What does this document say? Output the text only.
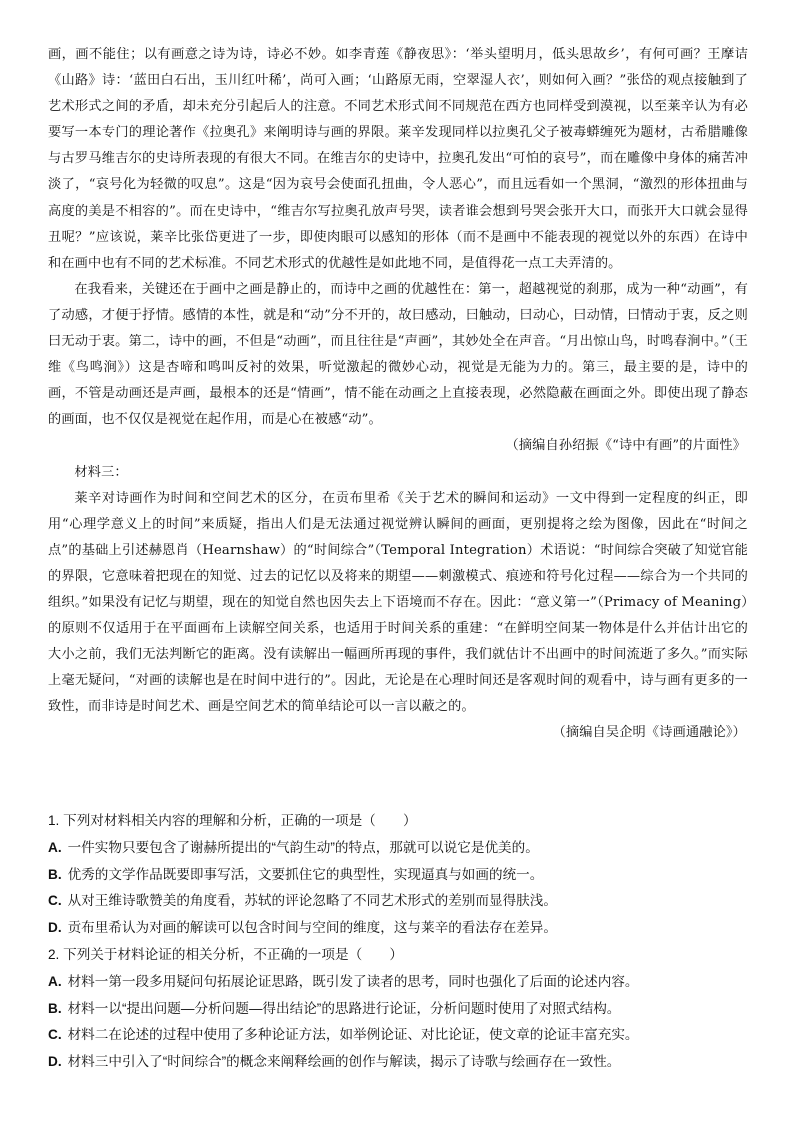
画，画不能住；以有画意之诗为诗，诗必不妙。如李青莲《静夜思》：‘举头望明月，低头思故乡’，有何可画？王摩诘《山路》诗：‘蓝田白石出，玉川红叶稀’，尚可入画；‘山路原无雨，空翠湿人衣’，则如何入画？”张岱的观点接触到了艺术形式之间的矛盾，却未充分引起后人的注意。不同艺术形式间不同规范在西方也同样受到漠视，以至莱辛认为有必要写一本专门的理论著作《拉奥孔》来阐明诗与画的界限。莱辛发现同样以拉奥孔父子被毒蟒缠死为题材，古希腊雕像与古罗马维吉尔的史诗所表现的有很大不同。在维吉尔的史诗中，拉奥孔发出“可怕的哀号”，而在雕像中身体的痛苦冲淡了，“哀号化为轻微的叹息”。这是“因为哀号会使面孔扭曲，令人恶心”，而且远看如一个黑洞，“激烈的形体扭曲与高度的美是不相容的”。而在史诗中，“维吉尔写拉奥孔放声号哭，读者谁会想到号哭会张开大口，而张开大口就会显得丑呢？”应该说，莱辛比张岱更进了一步，即使肉眼可以感知的形体（而不是画中不能表现的视觉以外的东西）在诗中和在画中也有不同的艺术标准。不同艺术形式的优越性是如此地不同，是值得花一点工夫弄清的。

在我看来，关键还在于画中之画是静止的，而诗中之画的优越性在：第一，超越视觉的刹那，成为一种“动画”，有了动感，才便于抒情。感情的本性，就是和“动”分不开的，故曰感动，曰触动，曰动心，曰动情，曰情动于衷，反之则曰无动于衷。第二，诗中的画，不但是“动画”，而且往往是“声画”，其妙处全在声音。“月出惊山鸟，时鸣春涧中。”（王维《鸟鸣涧》）这是杏啼和鸣叫反衬的效果，听觉激起的微妙心动，视觉是无能为力的。第三，最主要的是，诗中的画，不管是动画还是声画，最根本的还是“情画”，情不能在动画之上直接表现，必然隐蔽在画面之外。即使出现了静态的画面，也不仅仅是视觉在起作用，而是心在被感“动”。

（摘编自孙绍振《“诗中有画”的片面性》

材料三：

莱辛对诗画作为时间和空间艺术的区分，在贡布里希《关于艺术的瞬间和运动》一文中得到一定程度的纠正，即用“心理学意义上的时间”来质疑，指出人们是无法通过视觉辨认瞬间的画面，更别提将之绘为图像，因此在“时间之点”的基础上引述赫恩肖（Hearnshaw）的“时间综合”（Temporal Integration）术语说：“时间综合突破了知觉官能的界限，它意味着把现在的知觉、过去的记忆以及将来的期望——刺激模式、痕迹和符号化过程——综合为一个共同的组织。”如果没有记忆与期望，现在的知觉自然也因失去上下语境而不存在。因此：“意义第一”（Primacy of Meaning）的原则不仅适用于在平面画布上读解空间关系，也适用于时间关系的重建：“在鲜明空间某一物体是什么并估计出它的大小之前，我们无法判断它的距离。没有读解出一幅画所再现的事件，我们就估计不出画中的时间流逝了多久。”而实际上毫无疑问，“对画的读解也是在时间中进行的”。因此，无论是在心理时间还是客观时间的观看中，诗与画有更多的一致性，而非诗是时间艺术、画是空间艺术的简单结论可以一言以蔽之的。

（摘编自吴企明《诗画通融论》）

1. 下列对材料相关内容的理解和分析，正确的一项是（　　）
A. 一件实物只要包含了谢赫所提出的“气韵生动”的特点，那就可以说它是优美的。
B. 优秀的文学作品既要即事写活，文要抓住它的典型性，实现逼真与如画的统一。
C. 从对王维诗歌赞美的角度看，苏轼的评论忽略了不同艺术形式的差别而显得肤浅。
D. 贡布里希认为对画的解读可以包含时间与空间的维度，这与莱辛的看法存在差异。
2. 下列关于材料论证的相关分析，不正确的一项是（　　）
A. 材料一第一段多用疑问句拓展论证思路，既引发了读者的思考，同时也强化了后面的论述内容。
B. 材料一以“提出问题—分析问题—得出结论”的思路进行论证，分析问题时使用了对照式结构。
C. 材料二在论述的过程中使用了多种论证方法，如举例论证、对比论证，使文章的论证丰富充实。
D. 材料三中引入了“时间综合”的概念来阐释绘画的创作与解读，揭示了诗歌与绘画存在一致性。
